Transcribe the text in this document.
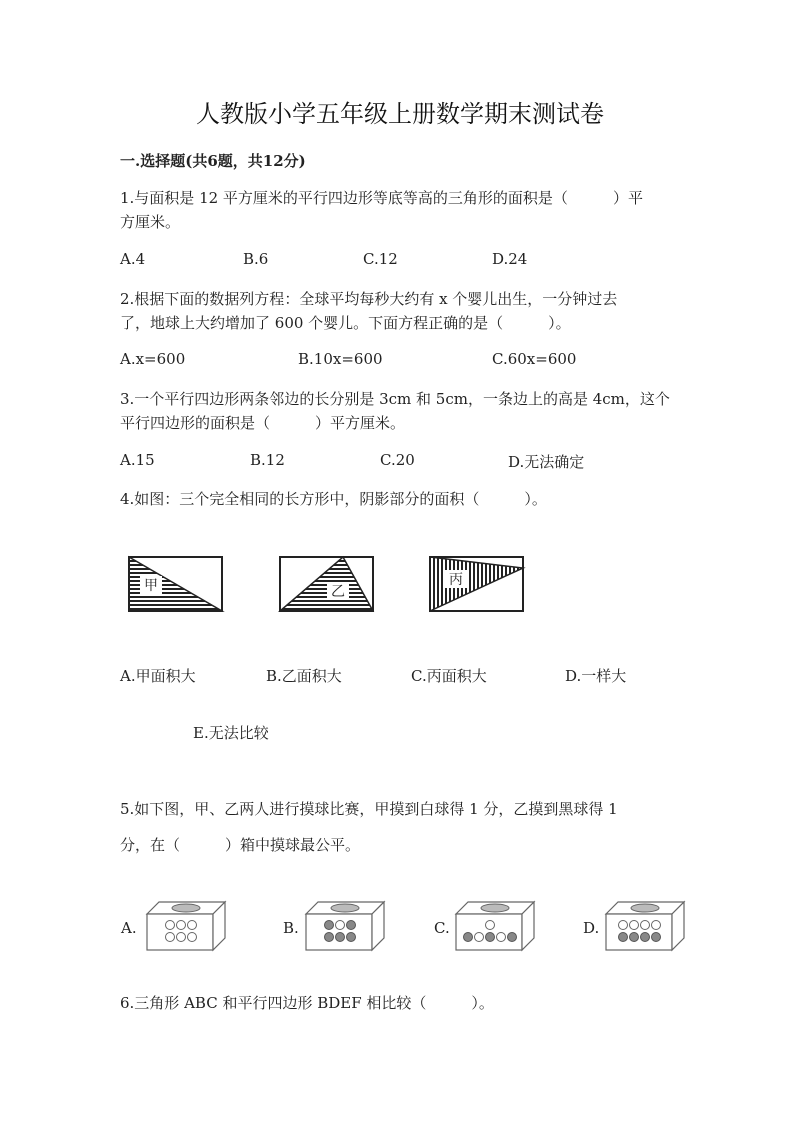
人教版小学五年级上册数学期末测试卷
一.选择题(共6题，共12分)
1.与面积是 12 平方厘米的平行四边形等底等高的三角形的面积是（　　　）平
方厘米。
A.4	B.6	C.12	D.24
2.根据下面的数据列方程：全球平均每秒大约有 x 个婴儿出生，一分钟过去
了，地球上大约增加了 600 个婴儿。下面方程正确的是（　　　）。
A.x=600	B.10x=600	C.60x=600
3.一个平行四边形两条邻边的长分别是 3cm 和 5cm，一条边上的高是 4cm，这个
平行四边形的面积是（　　　）平方厘米。
A.15	B.12	C.20	D.无法确定
4.如图：三个完全相同的长方形中，阴影部分的面积（　　　）。
甲	乙
丙
A.甲面积大	B.乙面积大	C.丙面积大	D.一样大
E.无法比较
5.如下图，甲、乙两人进行摸球比赛，甲摸到白球得 1 分，乙摸到黑球得 1
分，在（　　　）箱中摸球最公平。
A.	B.	C.	D.
6.三角形 ABC 和平行四边形 BDEF 相比较（　　　）。
